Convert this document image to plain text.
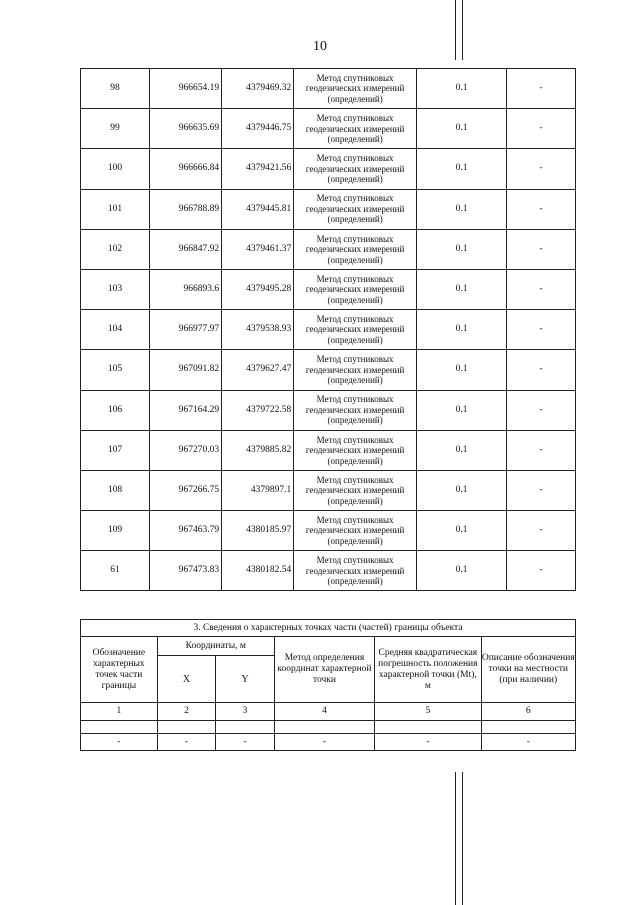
10
98	966654.19	4379469.32	Метод спутниковых геодезических измерений (определений)	0.1	-
99	966635.69	4379446.75	Метод спутниковых геодезических измерений (определений)	0.1	-
100	966666.84	4379421.56	Метод спутниковых геодезических измерений (определений)	0.1	-
101	966788.89	4379445.81	Метод спутниковых геодезических измерений (определений)	0.1	-
102	966847.92	4379461.37	Метод спутниковых геодезических измерений (определений)	0.1	-
103	966893.6	4379495.28	Метод спутниковых геодезических измерений (определений)	0.1	-
104	966977.97	4379538.93	Метод спутниковых геодезических измерений (определений)	0.1	-
105	967091.82	4379627.47	Метод спутниковых геодезических измерений (определений)	0.1	-
106	967164.29	4379722.58	Метод спутниковых геодезических измерений (определений)	0.1	-
107	967270.03	4379885.82	Метод спутниковых геодезических измерений (определений)	0.1	-
108	967266.75	4379897.1	Метод спутниковых геодезических измерений (определений)	0.1	-
109	967463.79	4380185.97	Метод спутниковых геодезических измерений (определений)	0.1	-
61	967473.83	4380182.54	Метод спутниковых геодезических измерений (определений)	0.1	-
3. Сведения о характерных точках части (частей) границы объекта					
Обозначение характерных точек части границы	Координаты, м		Метод определения координат характерной точки	Средняя квадратическая погрешность положения характерной точки (Mt), м	Описание обозначения точки на местности (при наличии)
	X	Y			
1	2	3	4	5	6

-	-	-	-	-	-
